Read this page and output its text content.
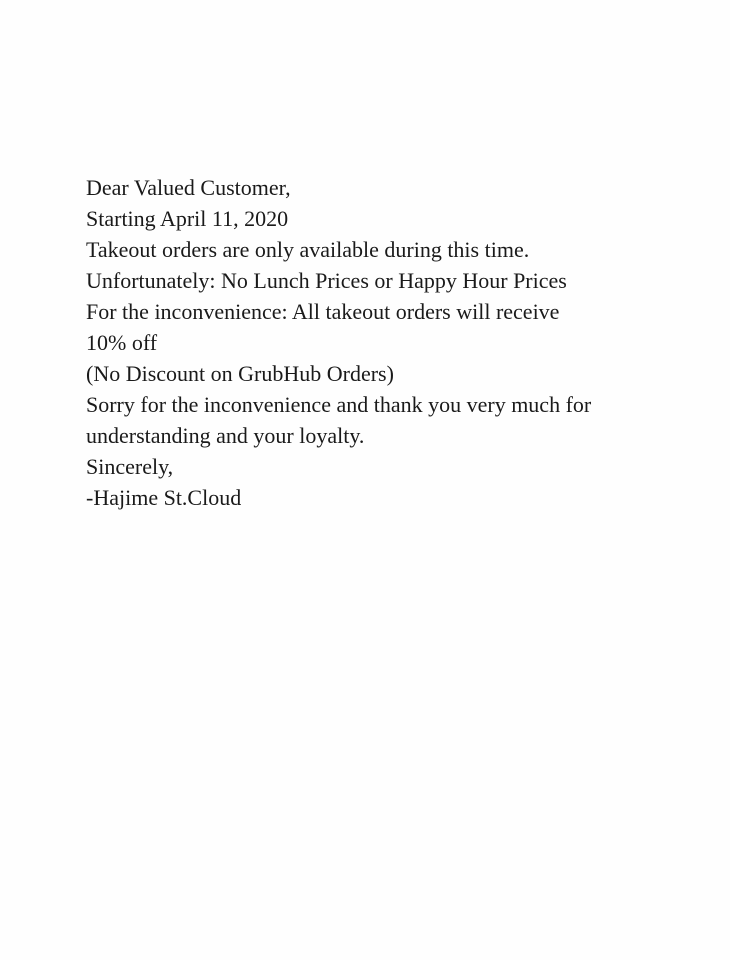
Dear Valued Customer,

Starting April 11, 2020
Takeout orders are only available during this time.

Unfortunately: No Lunch Prices or Happy Hour Prices

For the inconvenience: All takeout orders will receive
10% off
(No Discount on GrubHub Orders)

Sorry for the inconvenience and thank you very much for
understanding and your loyalty.

Sincerely,

-Hajime St.Cloud
